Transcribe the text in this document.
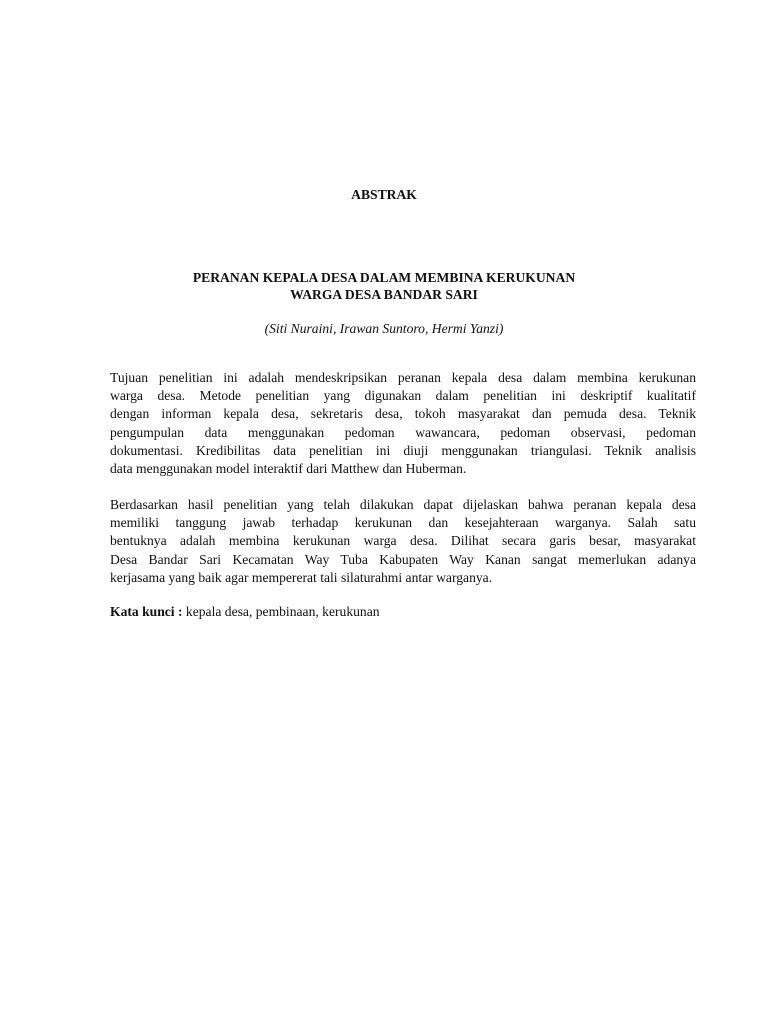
ABSTRAK
PERANAN KEPALA DESA DALAM MEMBINA KERUKUNAN
WARGA DESA BANDAR SARI
(Siti Nuraini, Irawan Suntoro, Hermi Yanzi)
Tujuan penelitian ini adalah mendeskripsikan peranan kepala desa dalam membina kerukunan
warga desa. Metode penelitian yang digunakan dalam penelitian ini deskriptif kualitatif
dengan informan kepala desa, sekretaris desa, tokoh masyarakat dan pemuda desa. Teknik
pengumpulan data menggunakan pedoman wawancara, pedoman observasi, pedoman
dokumentasi. Kredibilitas data penelitian ini diuji menggunakan triangulasi. Teknik analisis
data menggunakan model interaktif dari Matthew dan Huberman.
Berdasarkan hasil penelitian yang telah dilakukan dapat dijelaskan bahwa peranan kepala desa
memiliki tanggung jawab terhadap kerukunan dan kesejahteraan warganya. Salah satu
bentuknya adalah membina kerukunan warga desa. Dilihat secara garis besar, masyarakat
Desa Bandar Sari Kecamatan Way Tuba Kabupaten Way Kanan sangat memerlukan adanya
kerjasama yang baik agar mempererat tali silaturahmi antar warganya.
Kata kunci : kepala desa, pembinaan, kerukunan
